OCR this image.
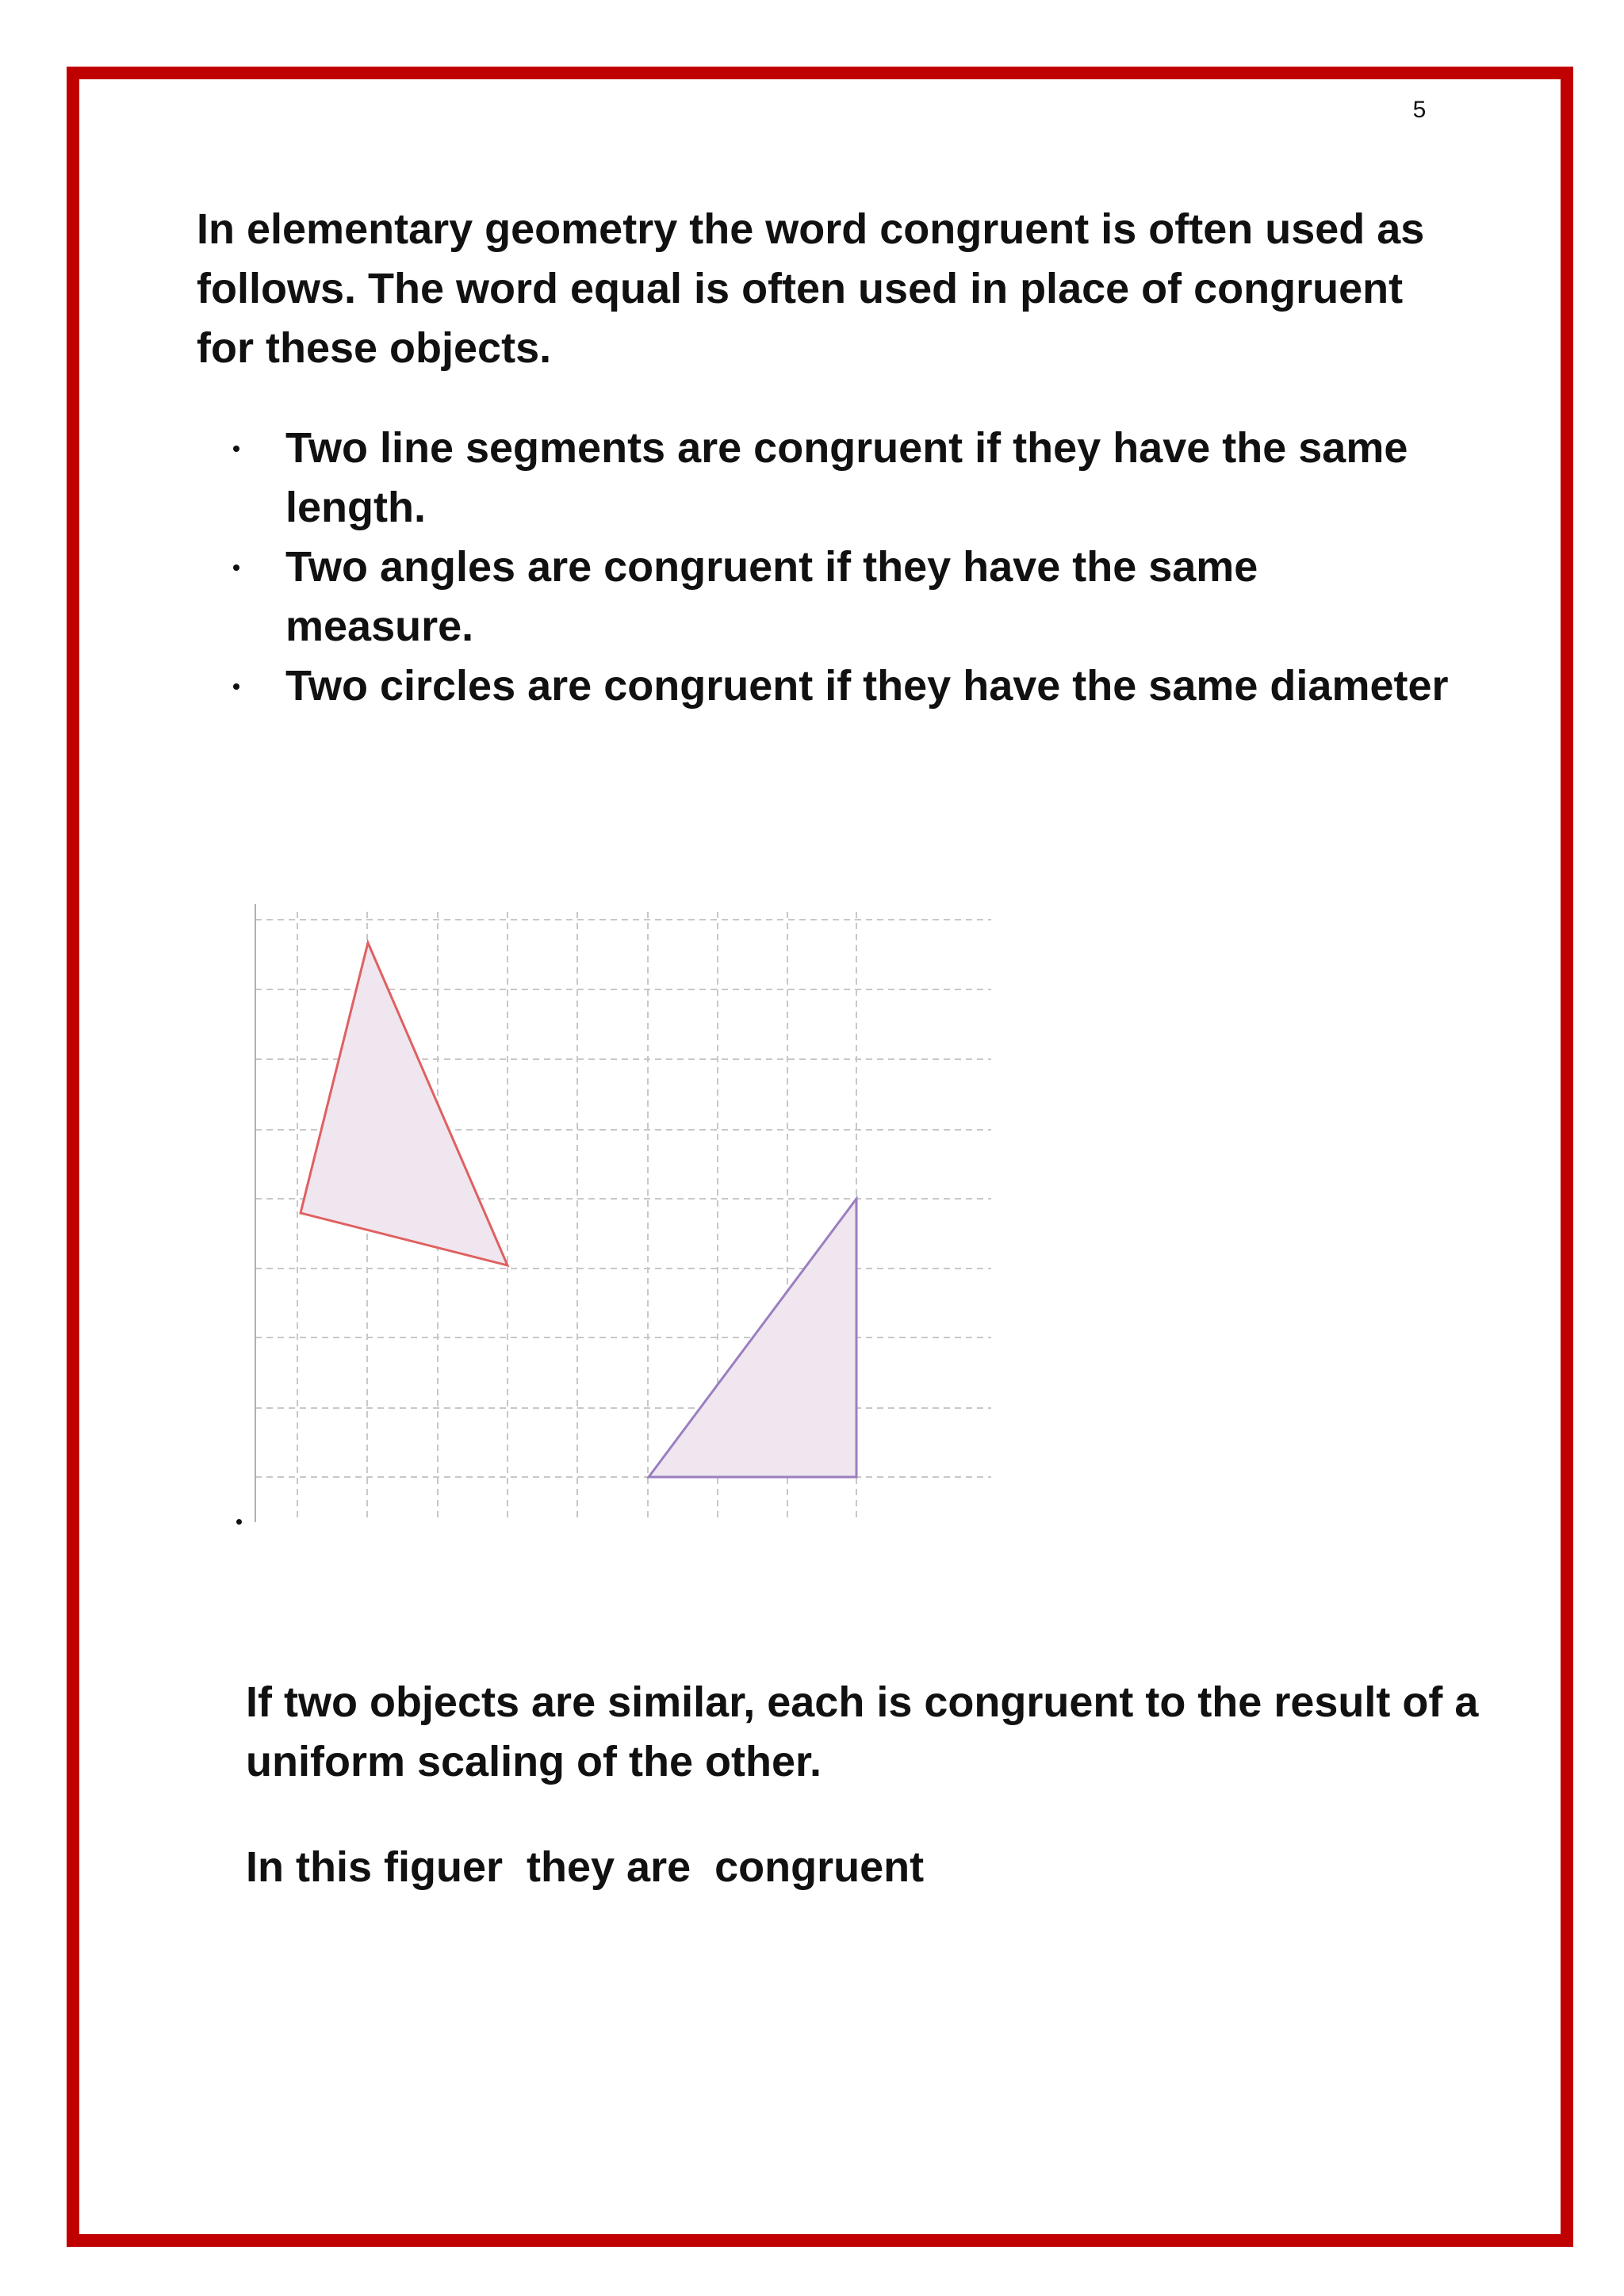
5

In elementary geometry the word congruent is often used as follows. The word equal is often used in place of congruent for these objects.

Two line segments are congruent if they have the same length.
Two angles are congruent if they have the same measure.
Two circles are congruent if they have the same diameter

If two objects are similar, each is congruent to the result of a uniform scaling of the other.

In this figuer  they are  congruent
